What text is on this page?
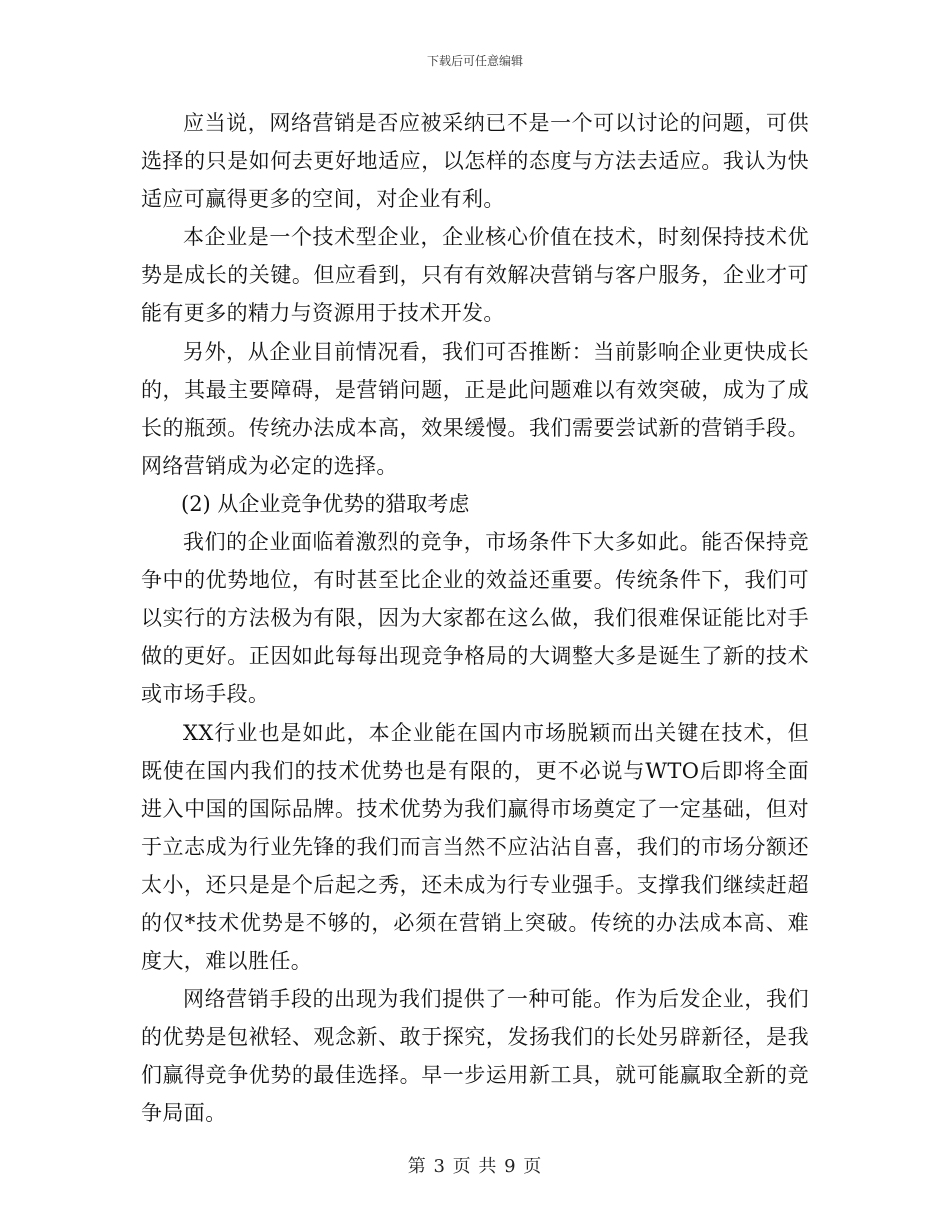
下载后可任意编辑

应当说，网络营销是否应被采纳已不是一个可以讨论的问题，可供选择的只是如何去更好地适应，以怎样的态度与方法去适应。我认为快适应可赢得更多的空间，对企业有利。

本企业是一个技术型企业，企业核心价值在技术，时刻保持技术优势是成长的关键。但应看到，只有有效解决营销与客户服务，企业才可能有更多的精力与资源用于技术开发。

另外，从企业目前情况看，我们可否推断：当前影响企业更快成长的，其最主要障碍，是营销问题，正是此问题难以有效突破，成为了成长的瓶颈。传统办法成本高，效果缓慢。我们需要尝试新的营销手段。网络营销成为必定的选择。

(2) 从企业竞争优势的猎取考虑

我们的企业面临着激烈的竞争，市场条件下大多如此。能否保持竞争中的优势地位，有时甚至比企业的效益还重要。传统条件下，我们可以实行的方法极为有限，因为大家都在这么做，我们很难保证能比对手做的更好。正因如此每每出现竞争格局的大调整大多是诞生了新的技术或市场手段。

XX行业也是如此，本企业能在国内市场脱颖而出关键在技术，但既使在国内我们的技术优势也是有限的，更不必说与WTO后即将全面进入中国的国际品牌。技术优势为我们赢得市场奠定了一定基础，但对于立志成为行业先锋的我们而言当然不应沾沾自喜，我们的市场分额还太小，还只是是个后起之秀，还未成为行专业强手。支撑我们继续赶超的仅*技术优势是不够的，必须在营销上突破。传统的办法成本高、难度大，难以胜任。

网络营销手段的出现为我们提供了一种可能。作为后发企业，我们的优势是包袱轻、观念新、敢于探究，发扬我们的长处另辟新径，是我们赢得竞争优势的最佳选择。早一步运用新工具，就可能赢取全新的竞争局面。

第 3 页 共 9 页
